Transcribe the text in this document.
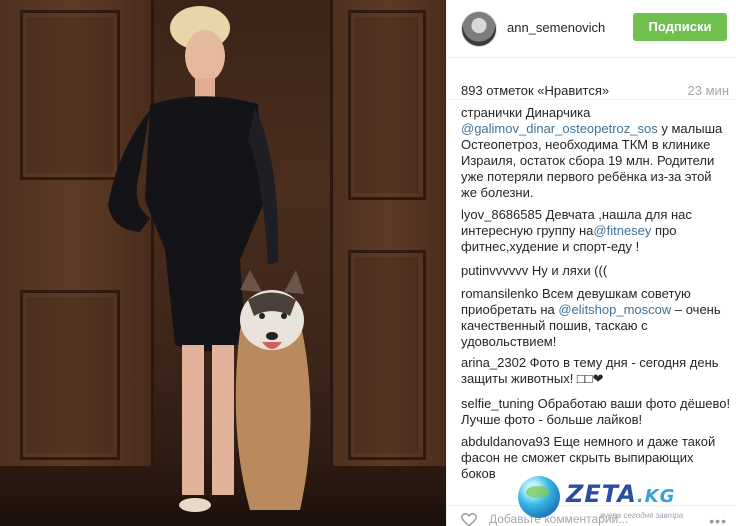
ann_semenovich	Подписки
893 отметок «Нравится»	23 мин
странички Динарчика @galimov_dinar_osteopetroz_sos у малыша Остеопетроз, необходима ТКМ в клинике Израиля, остаток сбора 19 млн. Родители уже потеряли первого ребёнка из-за этой же болезни.
lyov_8686585 Девчата ,нашла для нас интересную группу на@fitnesey про фитнес,худение и спорт-еду !
putinvvvvvv Ну и ляхи (((
romansilenko Всем девушкам советую приобретать на @elitshop_moscow – очень качественный пошив, таскаю с удовольствием!
arina_2302 Фото в тему дня - сегодня день защиты животных! □□❤
selfie_tuning Обработаю ваши фото дёшево! Лучше фото - больше лайков!
abduldanova93 Еще немного и даже такой фасон не сможет скрыть выпирающих боков
Добавьте комментарий...
•••
ZETA.KG
вчера сегодня завтра
